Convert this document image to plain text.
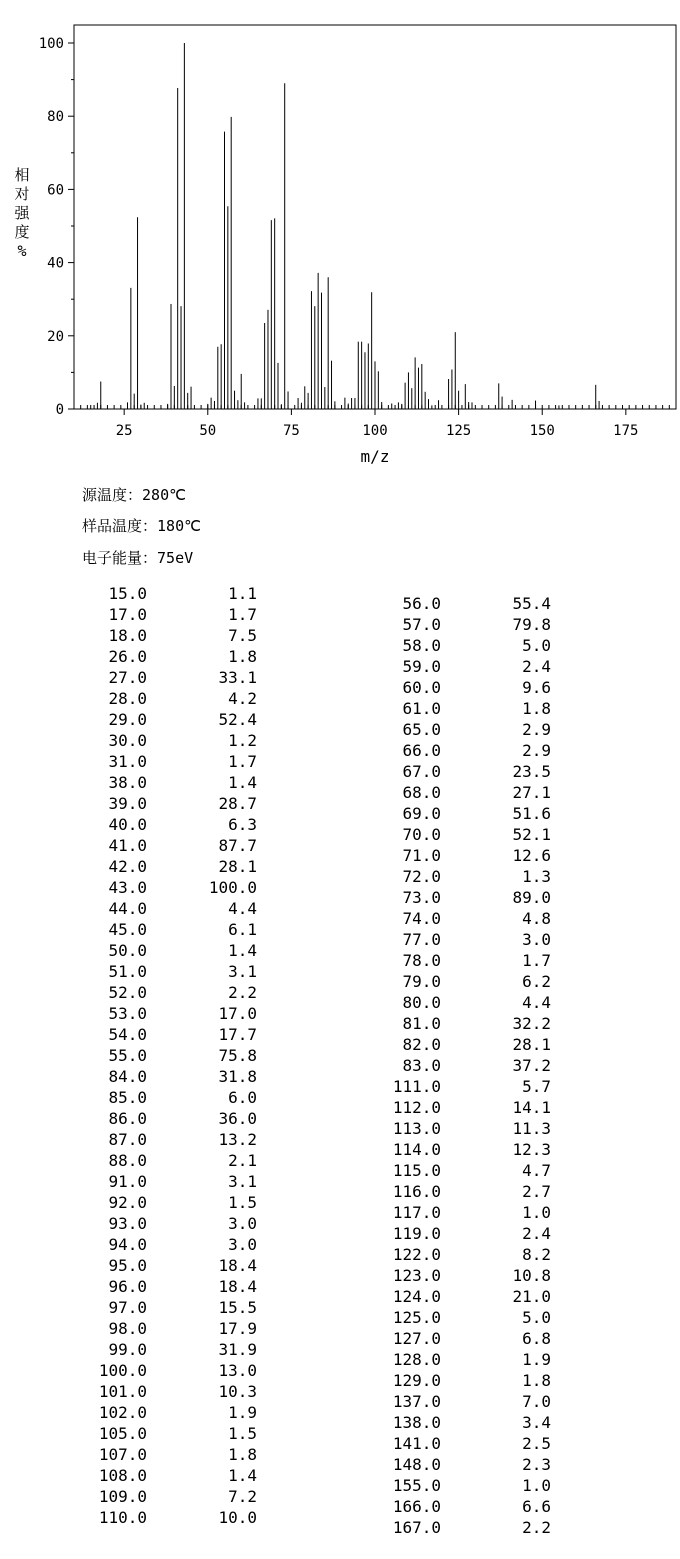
25	50	75	100	125	150	175
0
20
40
60
80
100
m/z
相对强度%
源温度：280℃
样品温度：180℃
电子能量：75eV
15.0	1.1
17.0	1.7
18.0	7.5
26.0	1.8
27.0	33.1
28.0	4.2
29.0	52.4
30.0	1.2
31.0	1.7
38.0	1.4
39.0	28.7
40.0	6.3
41.0	87.7
42.0	28.1
43.0	100.0
44.0	4.4
45.0	6.1
50.0	1.4
51.0	3.1
52.0	2.2
53.0	17.0
54.0	17.7
55.0	75.8
84.0	31.8
85.0	6.0
86.0	36.0
87.0	13.2
88.0	2.1
91.0	3.1
92.0	1.5
93.0	3.0
94.0	3.0
95.0	18.4
96.0	18.4
97.0	15.5
98.0	17.9
99.0	31.9
100.0	13.0
101.0	10.3
102.0	1.9
105.0	1.5
107.0	1.8
108.0	1.4
109.0	7.2
110.0	10.0
56.0	55.4
57.0	79.8
58.0	5.0
59.0	2.4
60.0	9.6
61.0	1.8
65.0	2.9
66.0	2.9
67.0	23.5
68.0	27.1
69.0	51.6
70.0	52.1
71.0	12.6
72.0	1.3
73.0	89.0
74.0	4.8
77.0	3.0
78.0	1.7
79.0	6.2
80.0	4.4
81.0	32.2
82.0	28.1
83.0	37.2
111.0	5.7
112.0	14.1
113.0	11.3
114.0	12.3
115.0	4.7
116.0	2.7
117.0	1.0
119.0	2.4
122.0	8.2
123.0	10.8
124.0	21.0
125.0	5.0
127.0	6.8
128.0	1.9
129.0	1.8
137.0	7.0
138.0	3.4
141.0	2.5
148.0	2.3
155.0	1.0
166.0	6.6
167.0	2.2
